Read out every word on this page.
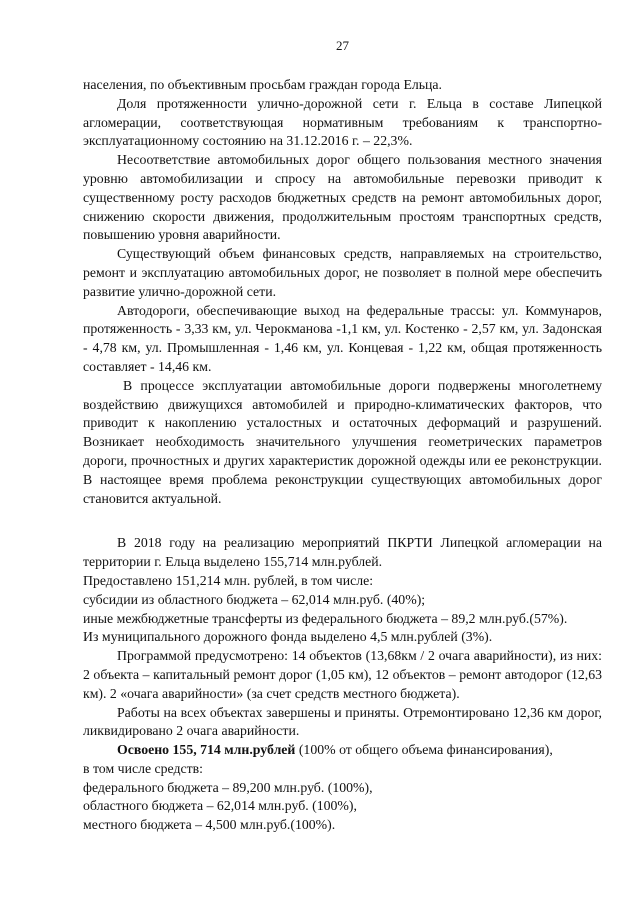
27

населения, по объективным просьбам граждан города Ельца.

Доля протяженности улично-дорожной сети г. Ельца в составе Липецкой агломерации, соответствующая нормативным требованиям к транспортно-эксплуатационному состоянию на 31.12.2016 г. – 22,3%.

Несоответствие автомобильных дорог общего пользования местного значения уровню автомобилизации и спросу на автомобильные перевозки приводит к существенному росту расходов бюджетных средств на ремонт автомобильных дорог, снижению скорости движения, продолжительным простоям транспортных средств, повышению уровня аварийности.

Существующий объем финансовых средств, направляемых на строительство, ремонт и эксплуатацию автомобильных дорог, не позволяет в полной мере обеспечить развитие улично-дорожной сети.

Автодороги, обеспечивающие выход на федеральные трассы: ул. Коммунаров, протяженность - 3,33 км, ул. Черокманова -1,1 км, ул. Костенко - 2,57 км, ул. Задонская - 4,78 км, ул. Промышленная - 1,46 км, ул. Концевая - 1,22 км, общая протяженность составляет - 14,46 км.

В процессе эксплуатации автомобильные дороги подвержены многолетнему воздействию движущихся автомобилей и природно-климатических факторов, что приводит к накоплению усталостных и остаточных деформаций и разрушений. Возникает необходимость значительного улучшения геометрических параметров дороги, прочностных и других характеристик дорожной одежды или ее реконструкции. В настоящее время проблема реконструкции существующих автомобильных дорог становится актуальной.

В 2018 году на реализацию мероприятий ПКРТИ Липецкой агломерации на территории г. Ельца выделено 155,714 млн.рублей.

Предоставлено 151,214 млн. рублей, в том числе:

субсидии из областного бюджета – 62,014 млн.руб. (40%);

иные межбюджетные трансферты из федерального бюджета – 89,2 млн.руб.(57%).

Из муниципального дорожного фонда выделено 4,5 млн.рублей (3%).

Программой предусмотрено: 14 объектов (13,68км / 2 очага аварийности), из них: 2 объекта – капитальный ремонт дорог (1,05 км), 12 объектов – ремонт автодорог (12,63 км). 2 «очага аварийности» (за счет средств местного бюджета).

Работы на всех объектах завершены и приняты. Отремонтировано 12,36 км дорог, ликвидировано 2 очага аварийности.

Освоено 155, 714 млн.рублей (100% от общего объема финансирования),

в том числе средств:

федерального бюджета – 89,200 млн.руб. (100%),

областного бюджета – 62,014 млн.руб. (100%),

местного бюджета – 4,500 млн.руб.(100%).
